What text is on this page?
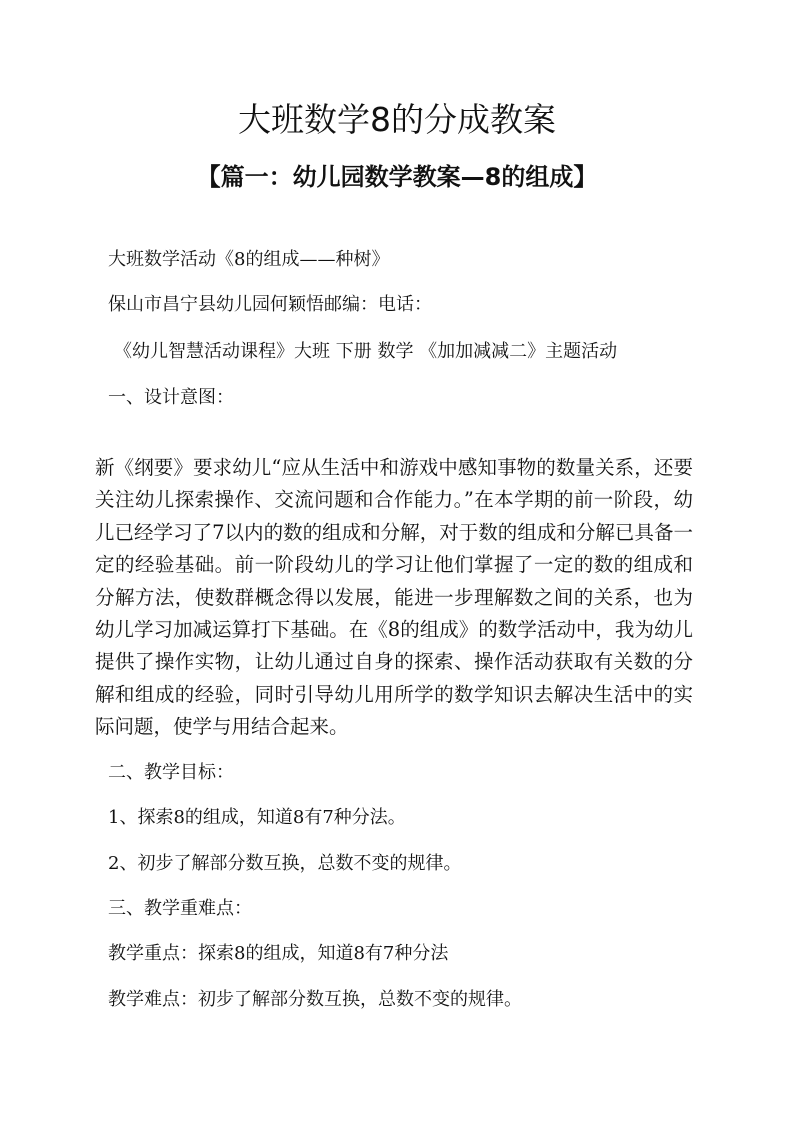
大班数学8的分成教案
【篇一：幼儿园数学教案—8的组成】

大班数学活动《8的组成——种树》

保山市昌宁县幼儿园何颖悟邮编：电话：

《幼儿智慧活动课程》大班 下册 数学 《加加减减二》主题活动

一、设计意图：

新《纲要》要求幼儿“应从生活中和游戏中感知事物的数量关系，还要关注幼儿探索操作、交流问题和合作能力。”在本学期的前一阶段，幼儿已经学习了7以内的数的组成和分解，对于数的组成和分解已具备一定的经验基础。前一阶段幼儿的学习让他们掌握了一定的数的组成和分解方法，使数群概念得以发展，能进一步理解数之间的关系，也为幼儿学习加减运算打下基础。在《8的组成》的数学活动中，我为幼儿提供了操作实物，让幼儿通过自身的探索、操作活动获取有关数的分解和组成的经验，同时引导幼儿用所学的数学知识去解决生活中的实际问题，使学与用结合起来。

二、教学目标：

1、探索8的组成，知道8有7种分法。

2、初步了解部分数互换，总数不变的规律。

三、教学重难点：

教学重点：探索8的组成，知道8有7种分法

教学难点：初步了解部分数互换，总数不变的规律。
